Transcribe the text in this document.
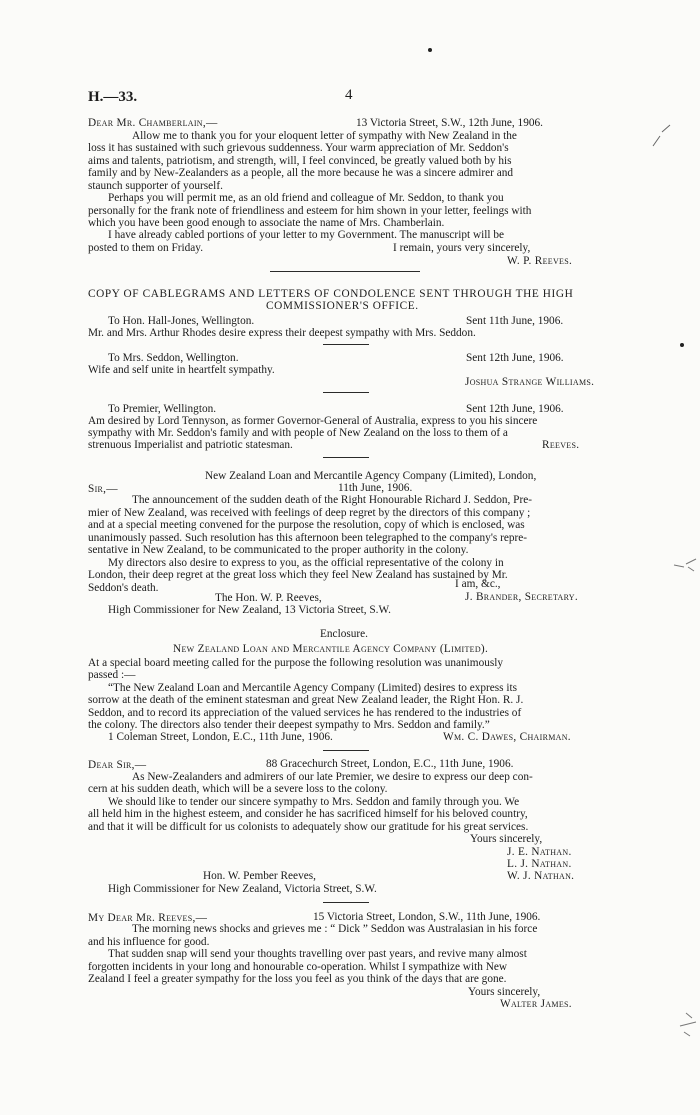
H.—33.	4
Dear Mr. Chamberlain,—	13 Victoria Street, S.W., 12th June, 1906.
Allow me to thank you for your eloquent letter of sympathy with New Zealand in the
loss it has sustained with such grievous suddenness. Your warm appreciation of Mr. Seddon's
aims and talents, patriotism, and strength, will, I feel convinced, be greatly valued both by his
family and by New-Zealanders as a people, all the more because he was a sincere admirer and
staunch supporter of yourself.
Perhaps you will permit me, as an old friend and colleague of Mr. Seddon, to thank you
personally for the frank note of friendliness and esteem for him shown in your letter, feelings with
which you have been good enough to associate the name of Mrs. Chamberlain.
I have already cabled portions of your letter to my Government. The manuscript will be
posted to them on Friday.	I remain, yours very sincerely,
W. P. Reeves.
COPY OF CABLEGRAMS AND LETTERS OF CONDOLENCE SENT THROUGH THE HIGH
COMMISSIONER'S OFFICE.
To Hon. Hall-Jones, Wellington.	Sent 11th June, 1906.
Mr. and Mrs. Arthur Rhodes desire express their deepest sympathy with Mrs. Seddon.
To Mrs. Seddon, Wellington.	Sent 12th June, 1906.
Wife and self unite in heartfelt sympathy.
Joshua Strange Williams.
To Premier, Wellington.	Sent 12th June, 1906.
Am desired by Lord Tennyson, as former Governor-General of Australia, express to you his sincere
sympathy with Mr. Seddon's family and with people of New Zealand on the loss to them of a
strenuous Imperialist and patriotic statesman.	Reeves.
New Zealand Loan and Mercantile Agency Company (Limited), London,
Sir,—	11th June, 1906.
The announcement of the sudden death of the Right Honourable Richard J. Seddon, Pre-
mier of New Zealand, was received with feelings of deep regret by the directors of this company ;
and at a special meeting convened for the purpose the resolution, copy of which is enclosed, was
unanimously passed. Such resolution has this afternoon been telegraphed to the company's repre-
sentative in New Zealand, to be communicated to the proper authority in the colony.
My directors also desire to express to you, as the official representative of the colony in
London, their deep regret at the great loss which they feel New Zealand has sustained by Mr.
Seddon's death.	I am, &c.,
The Hon. W. P. Reeves,	J. Brander, Secretary.
High Commissioner for New Zealand, 13 Victoria Street, S.W.
Enclosure.
New Zealand Loan and Mercantile Agency Company (Limited).
At a special board meeting called for the purpose the following resolution was unanimously
passed :—
“The New Zealand Loan and Mercantile Agency Company (Limited) desires to express its
sorrow at the death of the eminent statesman and great New Zealand leader, the Right Hon. R. J.
Seddon, and to record its appreciation of the valued services he has rendered to the industries of
the colony. The directors also tender their deepest sympathy to Mrs. Seddon and family.”
1 Coleman Street, London, E.C., 11th June, 1906.	Wm. C. Dawes, Chairman.
Dear Sir,—	88 Gracechurch Street, London, E.C., 11th June, 1906.
As New-Zealanders and admirers of our late Premier, we desire to express our deep con-
cern at his sudden death, which will be a severe loss to the colony.
We should like to tender our sincere sympathy to Mrs. Seddon and family through you. We
all held him in the highest esteem, and consider he has sacrificed himself for his beloved country,
and that it will be difficult for us colonists to adequately show our gratitude for his great services.
Yours sincerely,
J. E. Nathan.
L. J. Nathan.
Hon. W. Pember Reeves,	W. J. Nathan.
High Commissioner for New Zealand, Victoria Street, S.W.
My Dear Mr. Reeves,—	15 Victoria Street, London, S.W., 11th June, 1906.
The morning news shocks and grieves me : “ Dick ” Seddon was Australasian in his force
and his influence for good.
That sudden snap will send your thoughts travelling over past years, and revive many almost
forgotten incidents in your long and honourable co-operation. Whilst I sympathize with New
Zealand I feel a greater sympathy for the loss you feel as you think of the days that are gone.
Yours sincerely,
Walter James.
